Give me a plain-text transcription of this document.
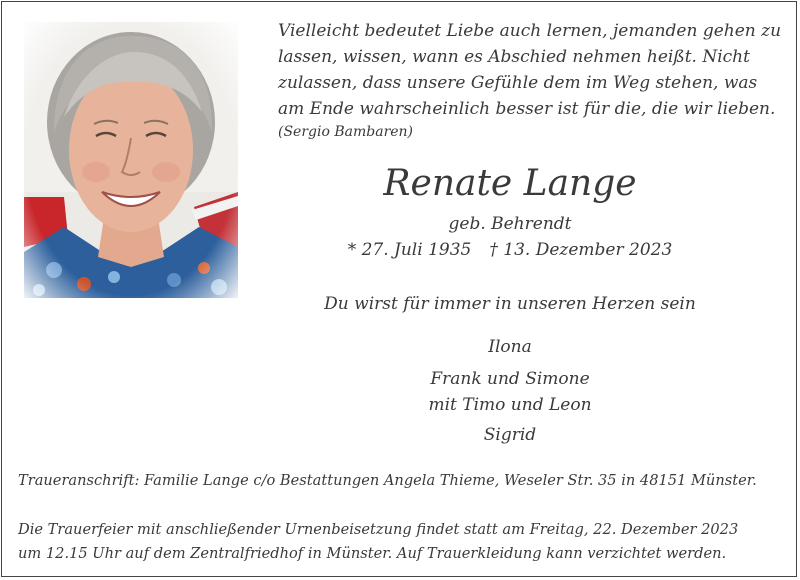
Vielleicht bedeutet Liebe auch lernen, jemanden gehen zu
lassen, wissen, wann es Abschied nehmen heißt. Nicht
zulassen, dass unsere Gefühle dem im Weg stehen, was
am Ende wahrscheinlich besser ist für die, die wir lieben.
(Sergio Bambaren)
Renate Lange
geb. Behrendt
* 27. Juli 1935 † 13. Dezember 2023
Du wirst für immer in unseren Herzen sein
Ilona
Frank und Simone
mit Timo und Leon
Sigrid
Traueranschrift: Familie Lange c/o Bestattungen Angela Thieme, Weseler Str. 35 in 48151 Münster.
Die Trauerfeier mit anschließender Urnenbeisetzung findet statt am Freitag, 22. Dezember 2023
um 12.15 Uhr auf dem Zentralfriedhof in Münster. Auf Trauerkleidung kann verzichtet werden.
